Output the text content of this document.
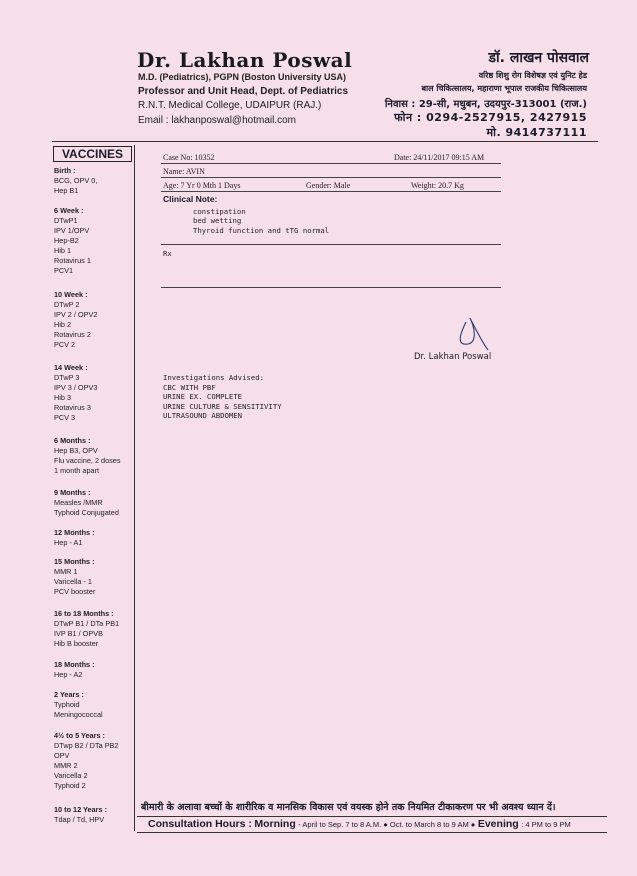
Dr. Lakhan Poswal
M.D. (Pediatrics), PGPN (Boston University USA)
Professor and Unit Head, Dept. of Pediatrics
R.N.T. Medical College, UDAIPUR (RAJ.)
Email : lakhanposwal@hotmail.com
डॉ. लाखन पोसवाल
वरिष्ठ शिशु रोग विशेषज्ञ एवं युनिट हेड
बाल चिकित्सालय, महाराणा भूपाल राजकीय चिकित्सालय
निवास : 29-सी, मधुबन, उदयपुर-313001 (राज.)
फोन : 0294-2527915, 2427915
मो. 9414737111
VACCINES
Birth :
BCG, OPV 0,
Hep B1
6 Week :
DTwP1
IPV 1/OPV
Hep-B2
Hib 1
Rotavirus 1
PCV1
10 Week :
DTwP 2
IPV 2 / OPV2
Hib 2
Rotavirus 2
PCV 2
14 Week :
DTwP 3
IPV 3 / OPV3
Hib 3
Rotavirus 3
PCV 3
6 Months :
Hep B3, OPV
Flu vaccine, 2 doses
1 month apart
9 Months :
Measles /MMR
Typhoid Conjugated
12 Months :
Hep - A1
15 Months :
MMR 1
Varicella - 1
PCV booster
16 to 18 Months :
DTwP B1 / DTa PB1
IVP B1 / OPVB
Hib B booster
18 Months :
Hep - A2
2 Years :
Typhoid
Meningococcal
4½ to 5 Years :
DTwp B2 / DTa PB2
OPV
MMR 2
Varicella 2
Typhoid 2
10 to 12 Years :
Tdap / Td, HPV
Case No: 10352	Date: 24/11/2017 09:15 AM
Name: AVIN
Age: 7 Yr 0 Mth 1 Days	Gender: Male	Weight: 20.7 Kg
Clinical Note:
constipation
bed wetting
Thyroid function and tTG normal
Rx
Dr. Lakhan Poswal
Investigations Advised:
CBC WITH PBF
URINE EX. COMPLETE
URINE CULTURE & SENSITIVITY
ULTRASOUND ABDOMEN
बीमारी के अलावा बच्चों के शारीरिक व मानसिक विकास एवं वयस्क होने तक नियमित टीकाकरण पर भी अवश्य ध्यान दें।
Consultation Hours : Morning - April to Sep. 7 to 8 A.M. ● Oct. to March 8 to 9 AM ● Evening : 4 PM to 9 PM
